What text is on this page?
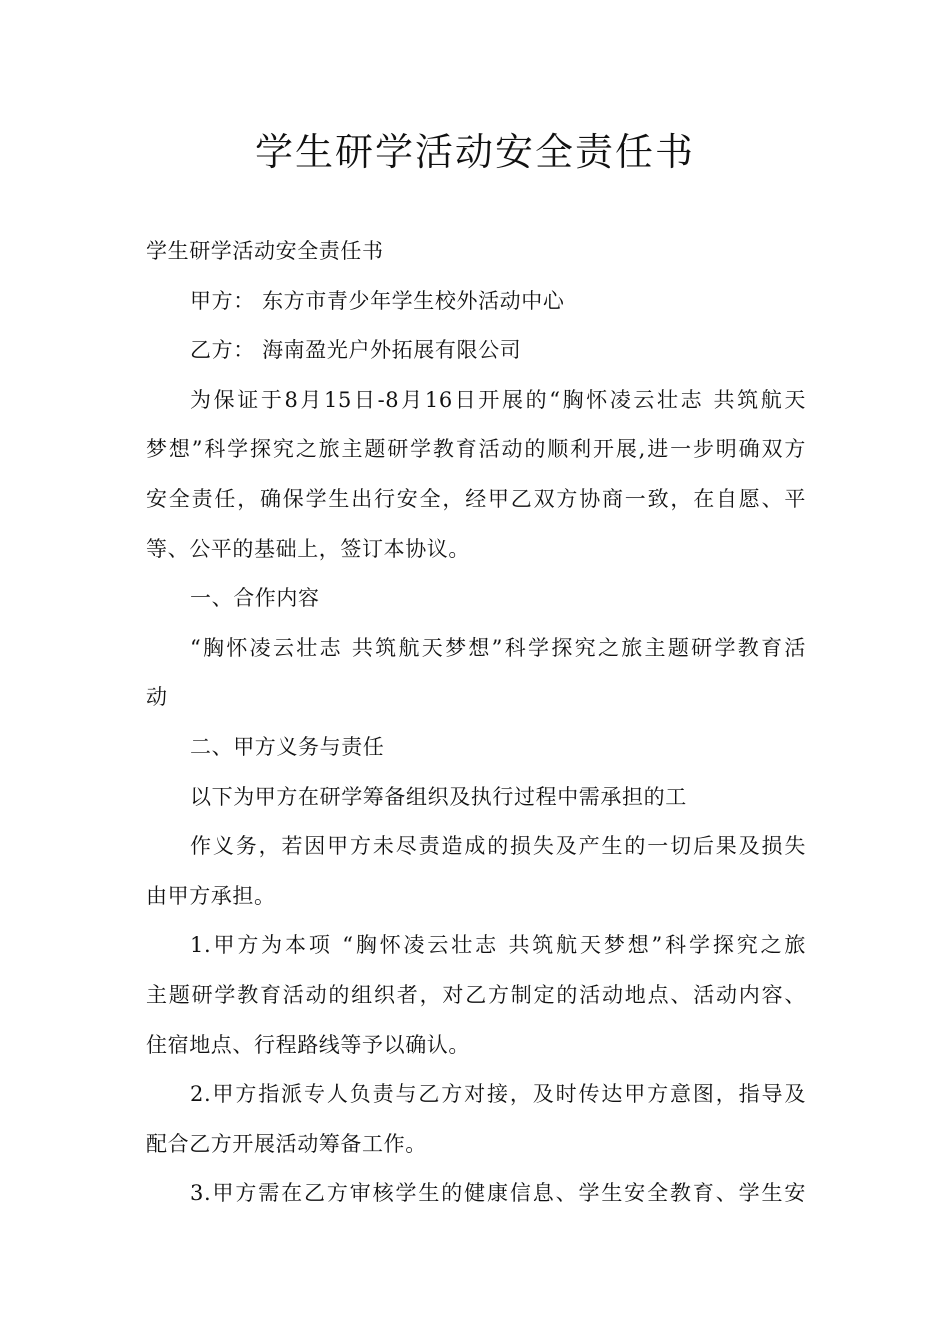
学生研学活动安全责任书

学生研学活动安全责任书

甲方： 东方市青少年学生校外活动中心

乙方： 海南盈光户外拓展有限公司

为保证于8月15日-8月16日开展的“胸怀凌云壮志 共筑航天

梦想”科学探究之旅主题研学教育活动的顺利开展,进一步明确双方

安全责任，确保学生出行安全，经甲乙双方协商一致，在自愿、平

等、公平的基础上，签订本协议。

一、合作内容

“胸怀凌云壮志 共筑航天梦想”科学探究之旅主题研学教育活

动

二、甲方义务与责任

以下为甲方在研学筹备组织及执行过程中需承担的工

作义务，若因甲方未尽责造成的损失及产生的一切后果及损失

由甲方承担。

1.甲方为本项 “胸怀凌云壮志 共筑航天梦想”科学探究之旅

主题研学教育活动的组织者，对乙方制定的活动地点、活动内容、

住宿地点、行程路线等予以确认。

2.甲方指派专人负责与乙方对接，及时传达甲方意图，指导及

配合乙方开展活动筹备工作。

3.甲方需在乙方审核学生的健康信息、学生安全教育、学生安
